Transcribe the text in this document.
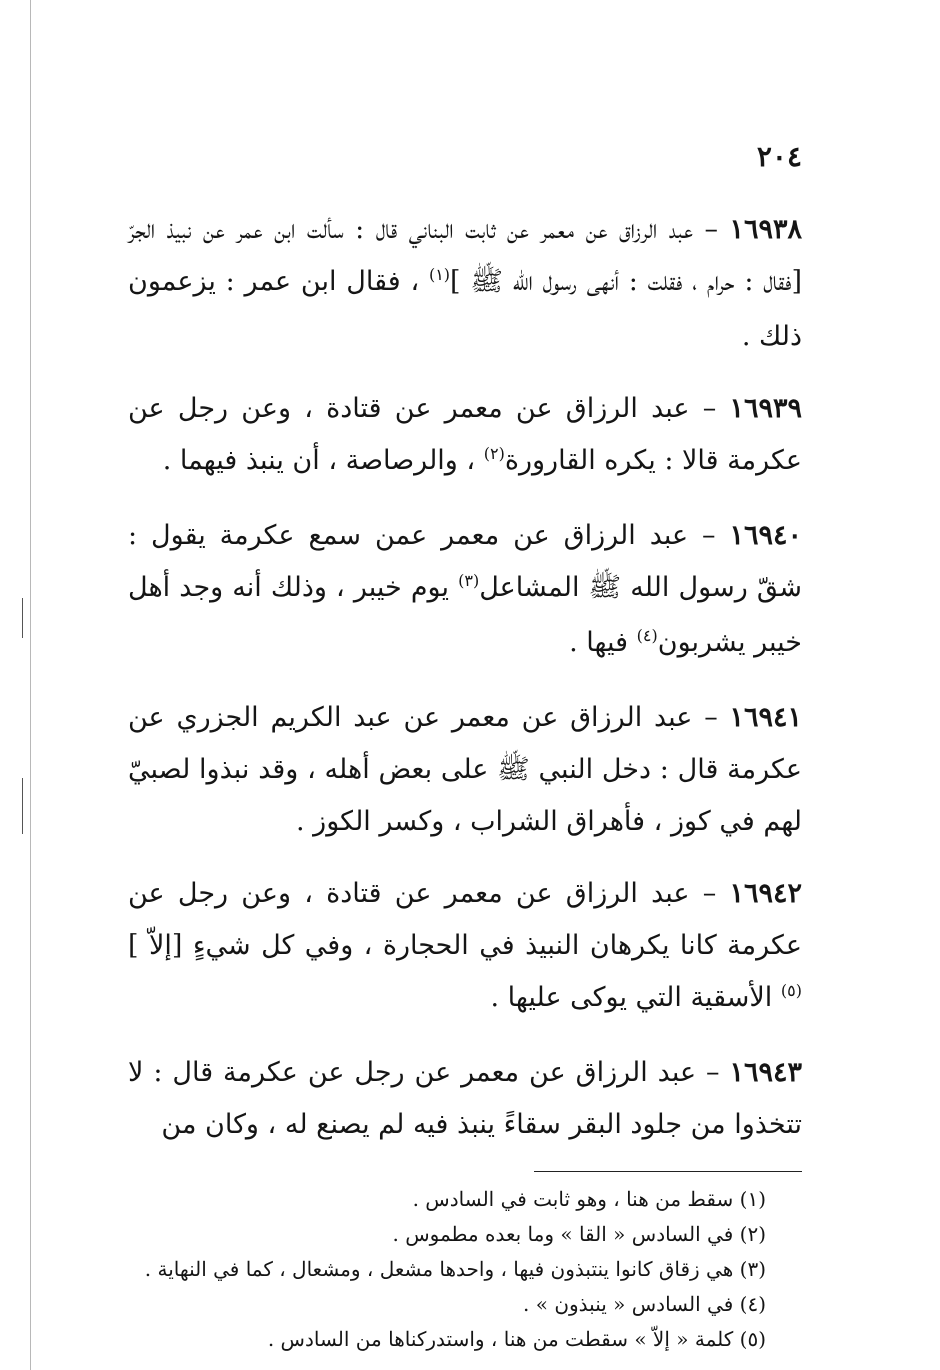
٢٠٤

١٦٩٣٨ – عبد الرزاق عن معمر عن ثابت البناني قال : سألت ابن عمر عن نبيذ الجرّ [فقال : حرام ، فقلت : أنهى رسول الله ﷺ ]$^{(١)}$ ، فقال ابن عمر : يزعمون ذلك .

١٦٩٣٩ – عبد الرزاق عن معمر عن قتادة ، وعن رجل عن عكرمة قالا : يكره القارورة$^{(٢)}$ ، والرصاصة ، أن ينبذ فيهما .

١٦٩٤٠ – عبد الرزاق عن معمر عمن سمع عكرمة يقول : شقّ رسول الله ﷺ المشاعل$^{(٣)}$ يوم خيبر ، وذلك أنه وجد أهل خيبر يشربون$^{(٤)}$ فيها .

١٦٩٤١ – عبد الرزاق عن معمر عن عبد الكريم الجزري عن عكرمة قال : دخل النبي ﷺ على بعض أهله ، وقد نبذوا لصبيّ لهم في كوز ، فأهراق الشراب ، وكسر الكوز .

١٦٩٤٢ – عبد الرزاق عن معمر عن قتادة ، وعن رجل عن عكرمة كانا يكرهان النبيذ في الحجارة ، وفي كل شيءٍ [إلاّ ]$^{(٥)}$ الأسقية التي يوكى عليها .

١٦٩٤٣ – عبد الرزاق عن معمر عن رجل عن عكرمة قال : لا تتخذوا من جلود البقر سقاءً ينبذ فيه لم يصنع له ، وكان من

(١) سقط من هنا ، وهو ثابت في السادس .
(٢) في السادس « القا » وما بعده مطموس .
(٣) هي زقاق كانوا ينتبذون فيها ، واحدها مشعل ، ومشعال ، كما في النهاية .
(٤) في السادس « ينبذون » .
(٥) كلمة « إلاّ » سقطت من هنا ، واستدركناها من السادس .
